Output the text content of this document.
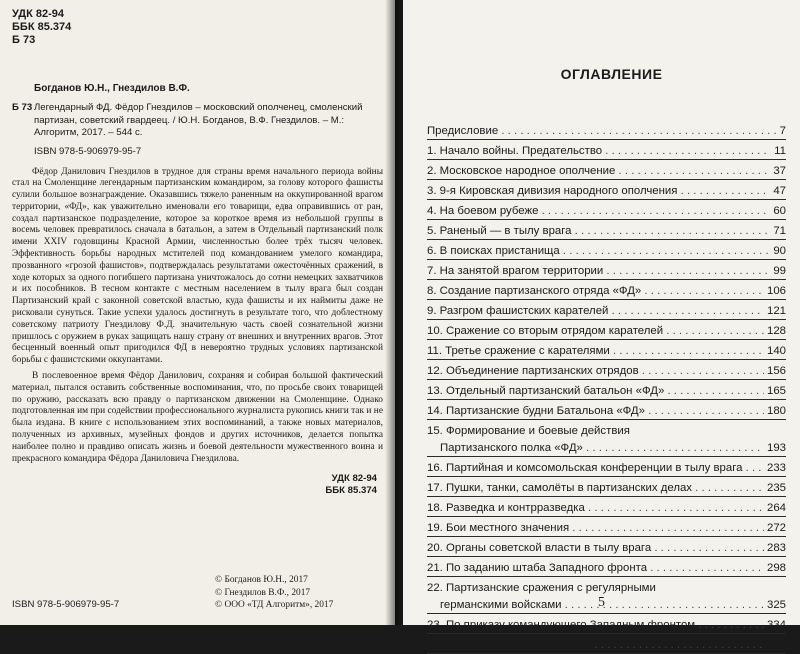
УДК 82-94
ББК 85.374
Б 73
Богданов Ю.Н., Гнездилов В.Ф.
Б 73 Легендарный ФД. Фёдор Гнездилов – московский ополченец, смоленский партизан, советский гвардеец. / Ю.Н. Богданов, В.Ф. Гнездилов. – М.: Алгоритм, 2017. – 544 с.
ISBN 978-5-906979-95-7

Фёдор Данилович Гнездилов в трудное для страны время начального периода войны стал на Смоленщине легендарным партизанским командиром, за голову которого фашисты сулили большое вознаграждение. Оказавшись тяжело раненным на оккупированной врагом территории, «ФД», как уважительно именовали его товарищи, едва оправившись от ран, создал партизанское подразделение, которое за короткое время из небольшой группы в восемь человек превратилось сначала в батальон, а затем в Отдельный партизанский полк имени XXIV годовщины Красной Армии, численностью более трёх тысяч человек. Эффективность борьбы народных мстителей под командованием умелого командира, прозванного «грозой фашистов», подтверждалась результатами ожесточённых сражений, в ходе которых за одного погибшего партизана уничтожалось до сотни немецких захватчиков и их пособников. В тесном контакте с местным населением в тылу врага был создан Партизанский край с законной советской властью, куда фашисты и их наймиты даже не рисковали сунуться. Такие успехи удалось достигнуть в результате того, что доблестному советскому патриоту Гнездилову Ф.Д. значительную часть своей сознательной жизни пришлось с оружием в руках защищать нашу страну от внешних и внутренних врагов. Этот бесценный военный опыт пригодился ФД в невероятно трудных условиях партизанской борьбы с фашистскими оккупантами.

В послевоенное время Фёдор Данилович, сохраняя и собирая большой фактический материал, пытался оставить собственные воспоминания, что, по просьбе своих товарищей по оружию, рассказать всю правду о партизанском движении на Смоленщине. Однако подготовленная им при содействии профессионального журналиста рукопись книги так и не была издана. В книге с использованием этих воспоминаний, а также новых материалов, полученных из архивных, музейных фондов и других источников, делается попытка наиболее полно и правдиво описать жизнь и боевой деятельности мужественного воина и прекрасного командира Фёдора Даниловича Гнездилова.

УДК 82-94
ББК 85.374
© Богданов Ю.Н., 2017
© Гнездилов В.Ф., 2017
© ООО «ТД Алгоритм», 2017
ISBN 978-5-906979-95-7
ОГЛАВЛЕНИЕ
Предисловие . . .	7
1. Начало войны. Предательство . . .	11
2. Московское народное ополчение . . .	37
3. 9-я Кировская дивизия народного ополчения . . .	47
4. На боевом рубеже . . .	60
5. Раненый — в тылу врага . . .	71
6. В поисках пристанища . . .	90
7. На занятой врагом территории . . .	99
8. Создание партизанского отряда «ФД» . . .	106
9. Разгром фашистских карателей . . .	121
10. Сражение со вторым отрядом карателей . . .	128
11. Третье сражение с карателями . . .	140
12. Объединение партизанских отрядов . . .	156
13. Отдельный партизанский батальон «ФД» . . .	165
14. Партизанские будни Батальона «ФД» . . .	180
15. Формирование и боевые действия
Партизанского полка «ФД» . . .	193
16. Партийная и комсомольская конференции в тылу врага . . .	233
17. Пушки, танки, самолёты в партизанских делах . . .	235
18. Разведка и контрразведка . . .	264
19. Бои местного значения . . .	272
20. Органы советской власти в тылу врага . . .	283
21. По заданию штаба Западного фронта . . .	298
22. Партизанские сражения с регулярными
германскими войсками . . .	325
23. По приказу командующего Западным фронтом . . .	334
24. В штабе Западного фронта . . .	347
5
